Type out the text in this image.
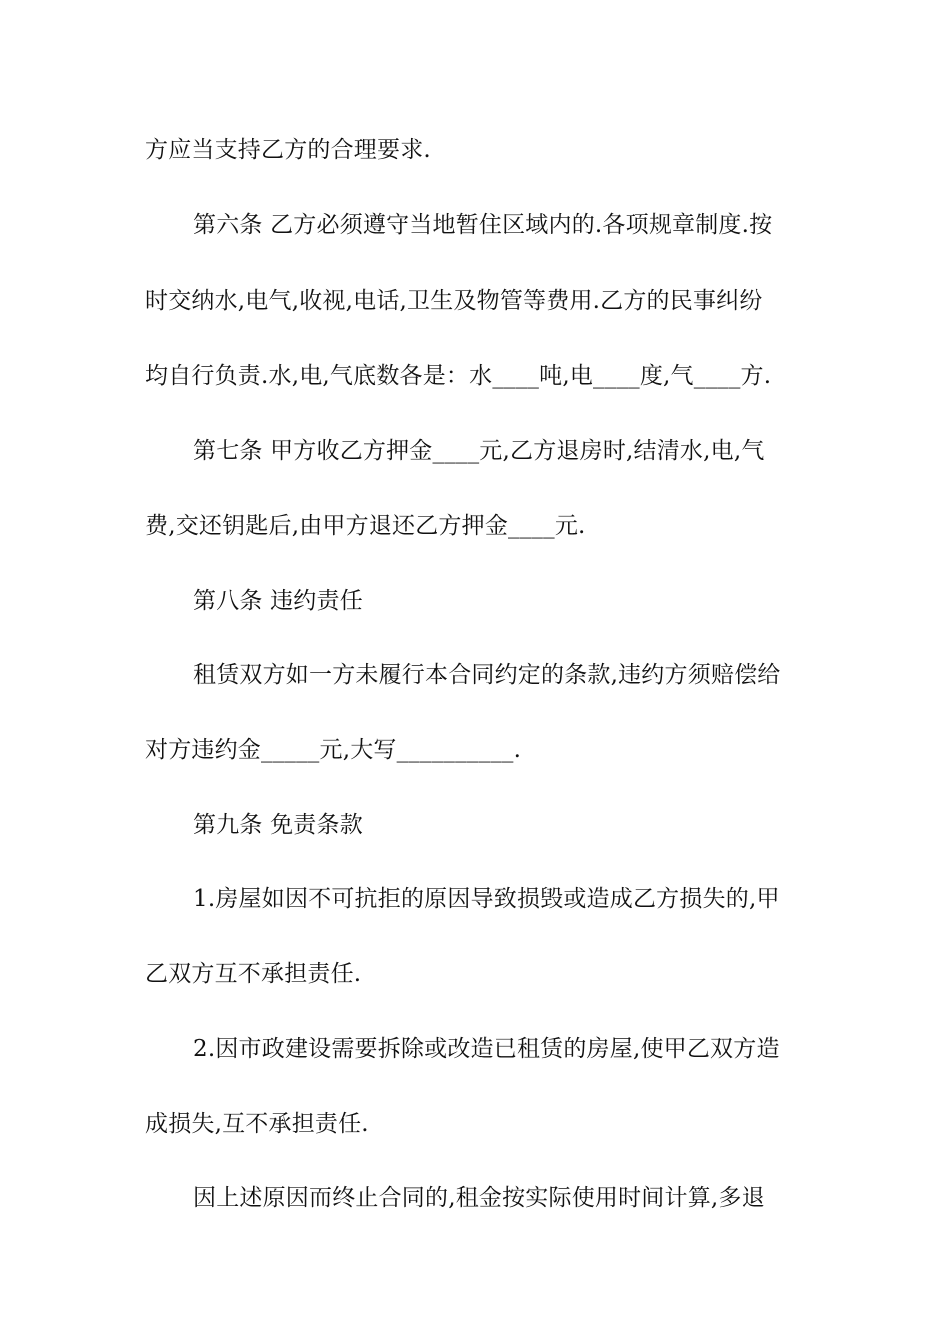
方应当支持乙方的合理要求.
第六条 乙方必须遵守当地暂住区域内的.各项规章制度.按
时交纳水,电气,收视,电话,卫生及物管等费用.乙方的民事纠纷
均自行负责.水,电,气底数各是：水____吨,电____度,气____方.
第七条 甲方收乙方押金____元,乙方退房时,结清水,电,气
费,交还钥匙后,由甲方退还乙方押金____元.
第八条 违约责任
租赁双方如一方未履行本合同约定的条款,违约方须赔偿给
对方违约金_____元,大写__________.
第九条 免责条款
1.房屋如因不可抗拒的原因导致损毁或造成乙方损失的,甲
乙双方互不承担责任.
2.因市政建设需要拆除或改造已租赁的房屋,使甲乙双方造
成损失,互不承担责任.
因上述原因而终止合同的,租金按实际使用时间计算,多退
